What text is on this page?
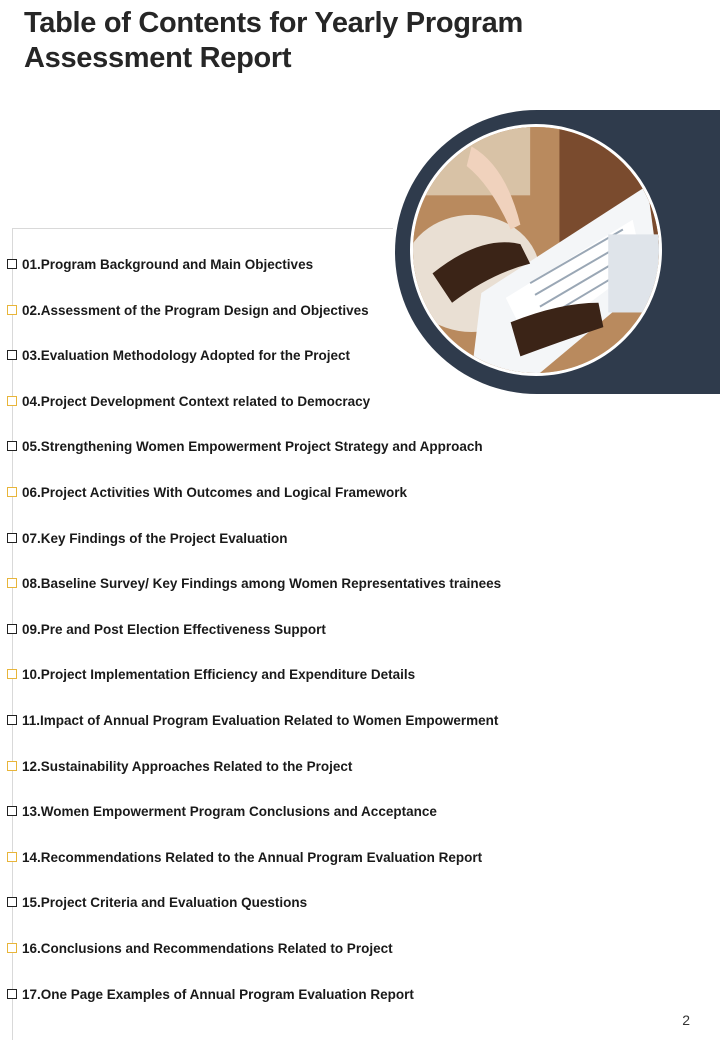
Table of Contents for Yearly Program Assessment Report
01.Program Background and Main Objectives
02.Assessment of the Program Design and Objectives
03.Evaluation Methodology Adopted for the Project
04.Project Development Context related to Democracy
05.Strengthening Women Empowerment Project Strategy and Approach
06.Project Activities With Outcomes and Logical Framework
07.Key Findings of the Project Evaluation
08.Baseline Survey/ Key Findings among Women Representatives trainees
09.Pre and Post Election Effectiveness Support
10.Project Implementation Efficiency and Expenditure Details
11.Impact of Annual Program Evaluation Related to Women Empowerment
12.Sustainability Approaches Related to the Project
13.Women Empowerment Program Conclusions and Acceptance
14.Recommendations Related to the Annual Program Evaluation Report
15.Project Criteria and Evaluation Questions
16.Conclusions and Recommendations Related to Project
17.One Page Examples of Annual Program Evaluation Report
2
